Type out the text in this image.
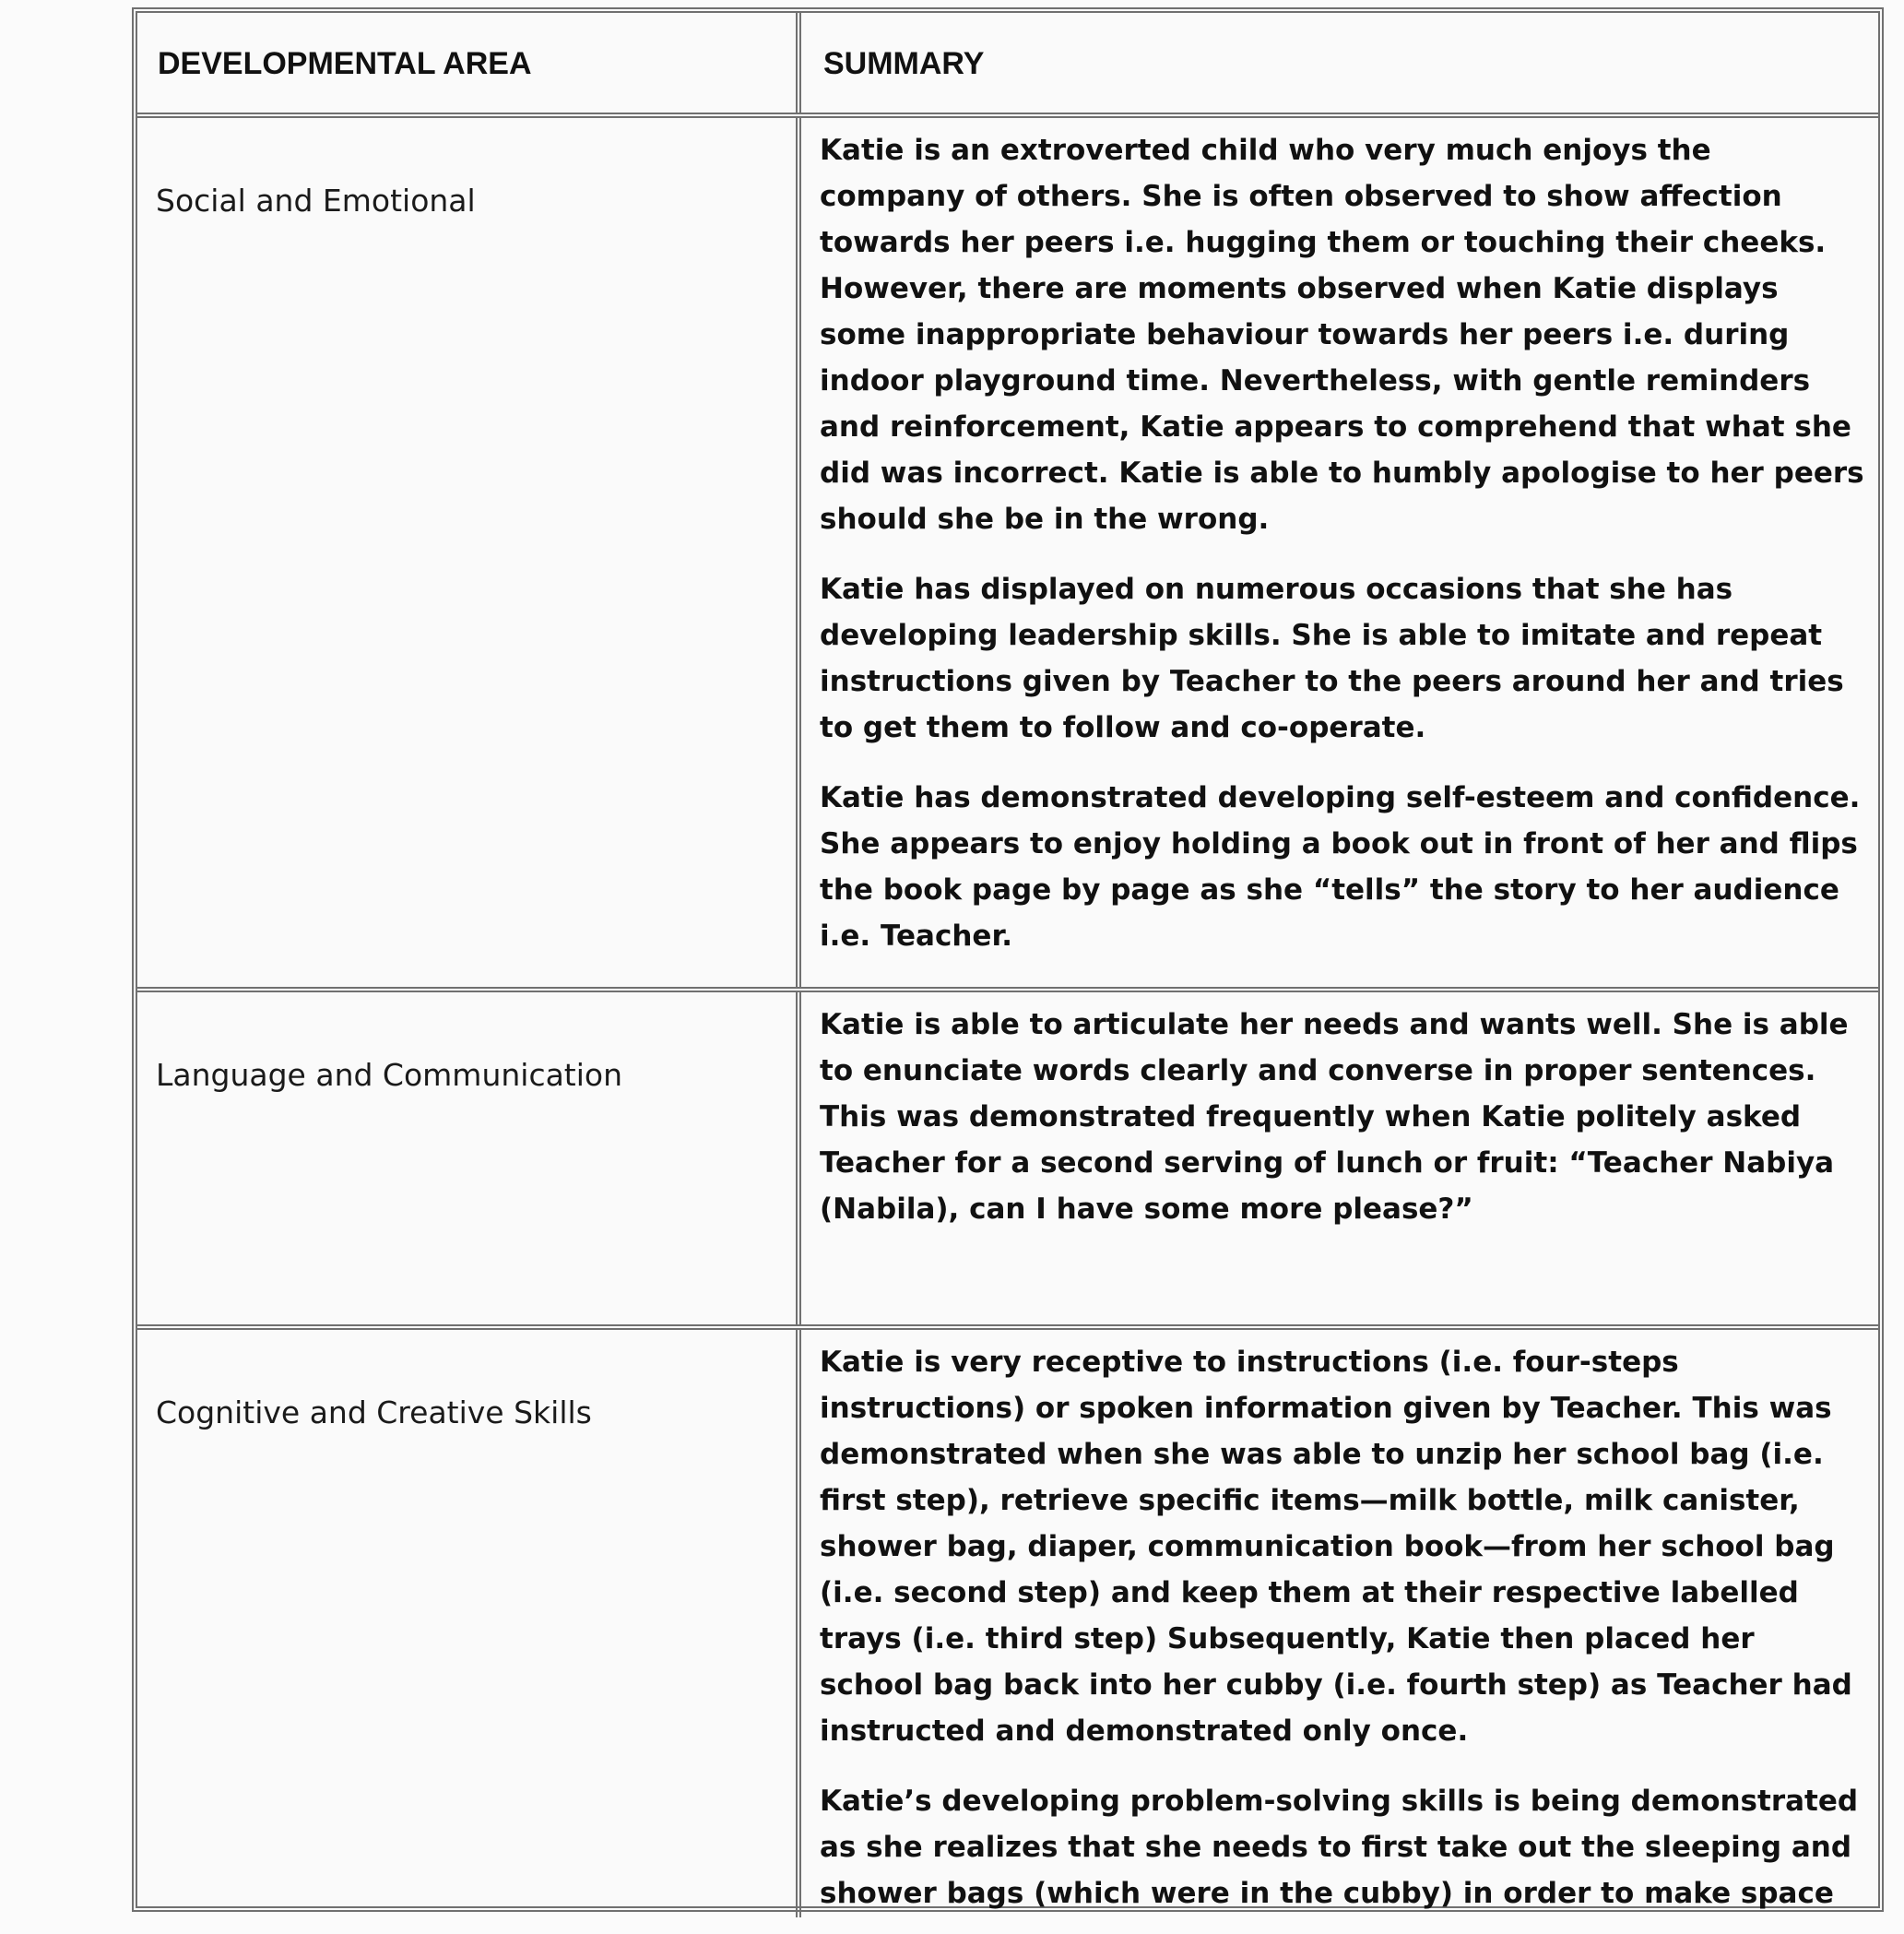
DEVELOPMENTAL AREA	SUMMARY
Social and Emotional

Katie is an extroverted child who very much enjoys the company of others. She is often observed to show affection towards her peers i.e. hugging them or touching their cheeks. However, there are moments observed when Katie displays some inappropriate behaviour towards her peers i.e. during indoor playground time. Nevertheless, with gentle reminders and reinforcement, Katie appears to comprehend that what she did was incorrect. Katie is able to humbly apologise to her peers should she be in the wrong.

Katie has displayed on numerous occasions that she has developing leadership skills. She is able to imitate and repeat instructions given by Teacher to the peers around her and tries to get them to follow and co-operate.

Katie has demonstrated developing self-esteem and confidence. She appears to enjoy holding a book out in front of her and flips the book page by page as she “tells” the story to her audience i.e. Teacher.

Language and Communication

Katie is able to articulate her needs and wants well. She is able to enunciate words clearly and converse in proper sentences. This was demonstrated frequently when Katie politely asked Teacher for a second serving of lunch or fruit: “Teacher Nabiya (Nabila), can I have some more please?”

Cognitive and Creative Skills

Katie is very receptive to instructions (i.e. four-steps instructions) or spoken information given by Teacher. This was demonstrated when she was able to unzip her school bag (i.e. first step), retrieve specific items—milk bottle, milk canister, shower bag, diaper, communication book—from her school bag (i.e. second step) and keep them at their respective labelled trays (i.e. third step) Subsequently, Katie then placed her school bag back into her cubby (i.e. fourth step) as Teacher had instructed and demonstrated only once.

Katie’s developing problem-solving skills is being demonstrated as she realizes that she needs to first take out the sleeping and shower bags (which were in the cubby) in order to make space
